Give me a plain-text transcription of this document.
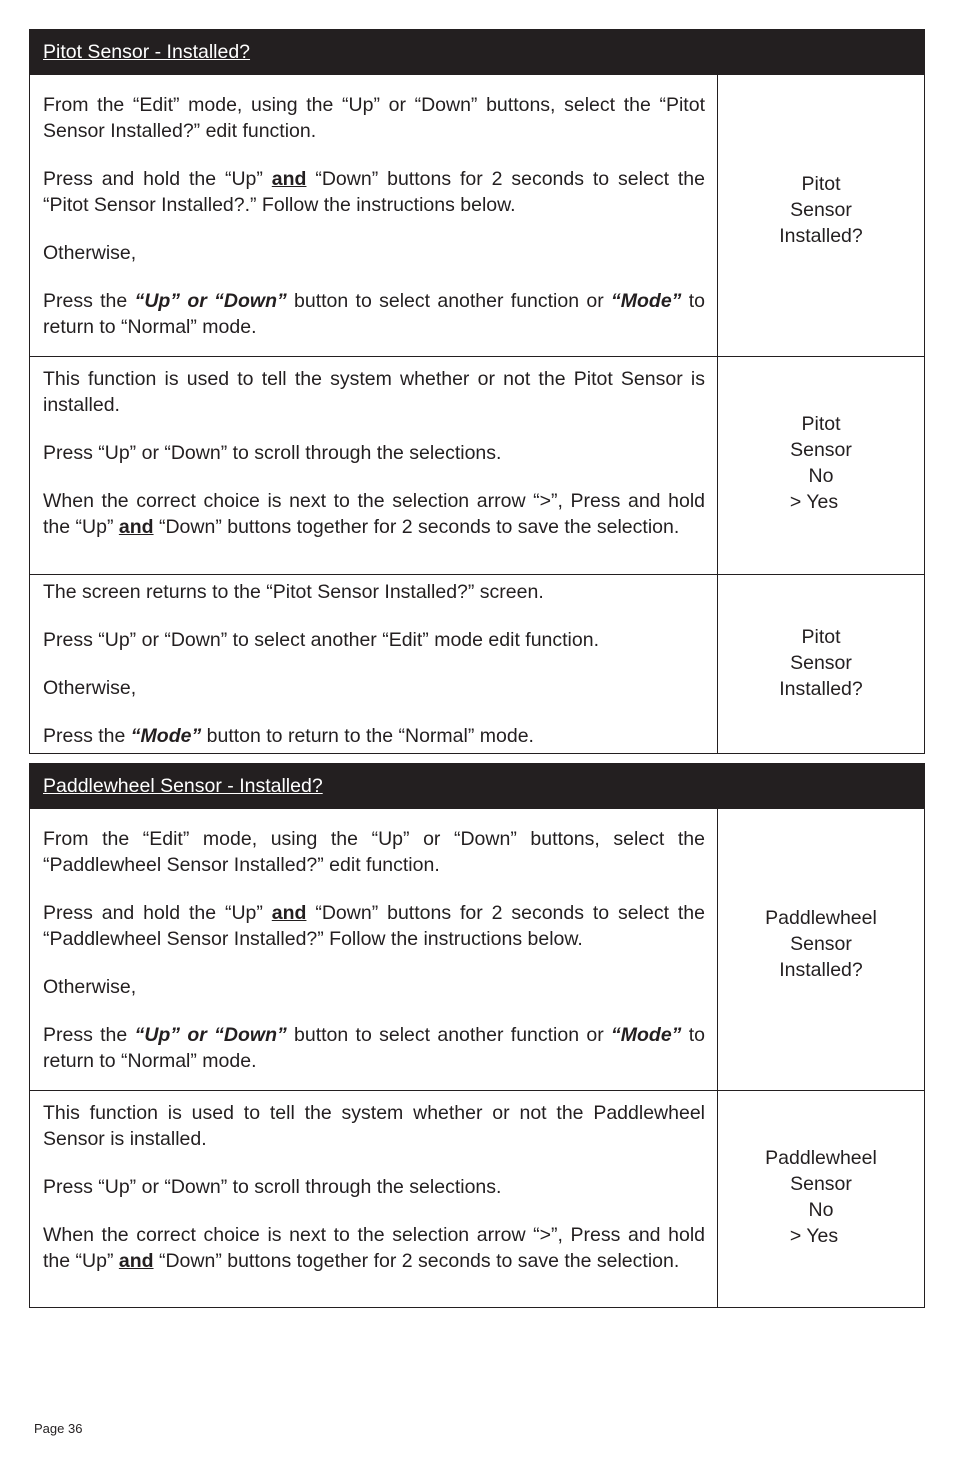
Pitot Sensor - Installed?

From the “Edit” mode, using the “Up” or “Down” buttons, select the “Pitot Sensor Installed?” edit function.

Press and hold the “Up” and “Down” buttons for 2 seconds to select the “Pitot Sensor Installed?.” Follow the instructions below.

Otherwise,

Press the “Up” or “Down” button to select another function or “Mode” to return to “Normal” mode.

Pitot
Sensor
Installed?

This function is used to tell the system whether or not the Pitot Sensor is installed.

Press “Up” or “Down” to scroll through the selections.

When the correct choice is next to the selection arrow “>”, Press and hold the “Up” and “Down” buttons together for 2 seconds to save the selection.

Pitot
Sensor
No
> Yes

The screen returns to the “Pitot Sensor Installed?” screen.

Press “Up” or “Down” to select another “Edit” mode edit function.

Otherwise,

Press the “Mode” button to return to the “Normal” mode.

Pitot
Sensor
Installed?
Paddlewheel Sensor - Installed?

From the “Edit” mode, using the “Up” or “Down” buttons, select the “Paddlewheel Sensor Installed?” edit function.

Press and hold the “Up” and “Down” buttons for 2 seconds to select the “Paddlewheel Sensor Installed?” Follow the instructions below.

Otherwise,

Press the “Up” or “Down” button to select another function or “Mode” to return to “Normal” mode.

Paddlewheel
Sensor
Installed?

This function is used to tell the system whether or not the Paddlewheel Sensor is installed.

Press “Up” or “Down” to scroll through the selections.

When the correct choice is next to the selection arrow “>”, Press and hold the “Up” and “Down” buttons together for 2 seconds to save the selection.

Paddlewheel
Sensor
No
> Yes
Page 36
